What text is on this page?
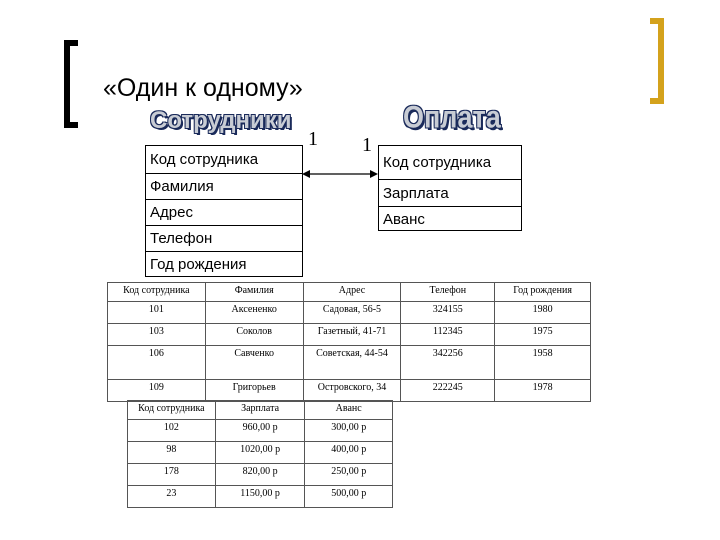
«Один к одному»
Сотрудники	Оплата
1 1
Код сотрудника
Фамилия
Адрес
Телефон
Год рождения
Код сотрудника
Зарплата
Аванс
Код сотрудника	Фамилия	Адрес	Телефон	Год рождения
101	Аксененко	Садовая, 56-5	324155	1980
103	Соколов	Газетный, 41-71	112345	1975
106	Савченко	Советская, 44-54	342256	1958
109	Григорьев	Островского, 34	222245	1978
Код сотрудника	Зарплата	Аванс
102	960,00 р	300,00 р
98	1020,00 р	400,00 р
178	820,00 р	250,00 р
23	1150,00 р	500,00 р
